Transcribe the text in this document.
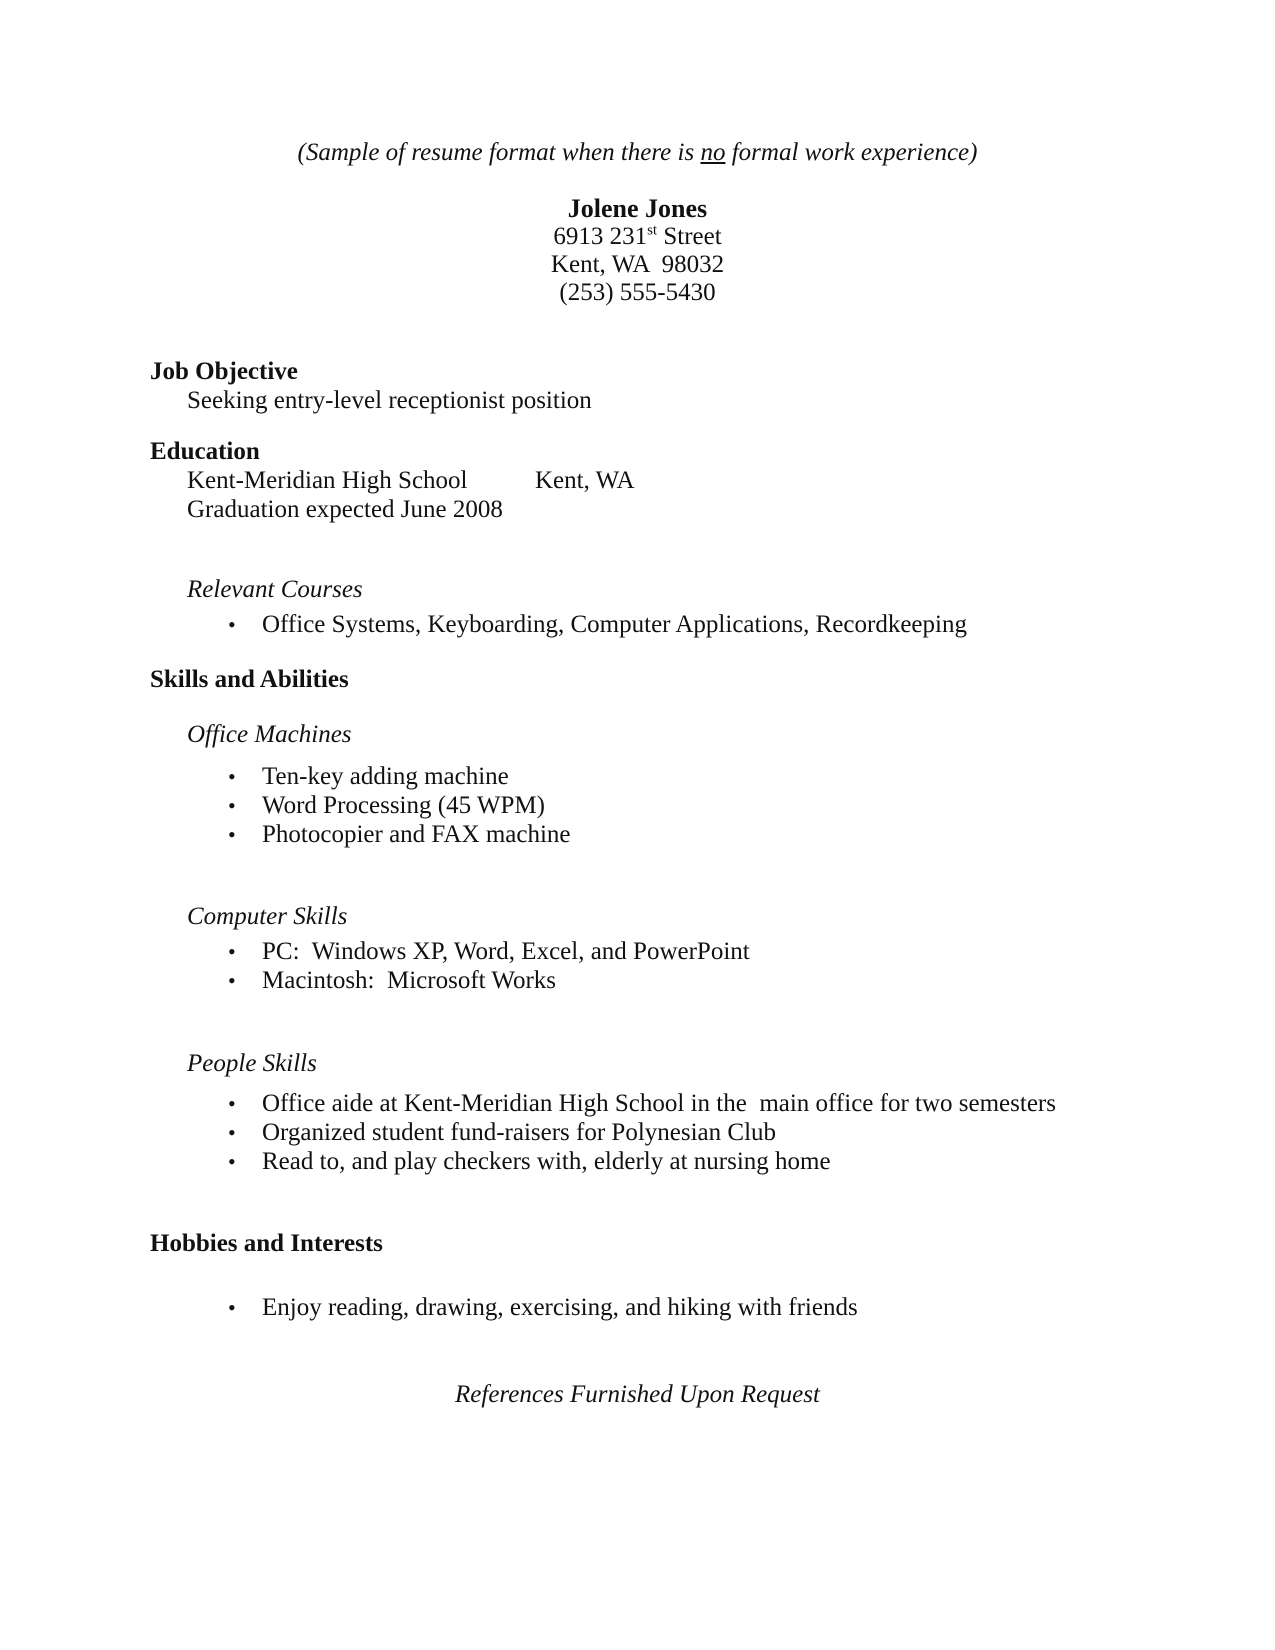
(Sample of resume format when there is no formal work experience)
Jolene Jones
6913 231st Street
Kent, WA  98032
(253) 555-5430
Job Objective
Seeking entry-level receptionist position
Education
Kent-Meridian High School	Kent, WA
Graduation expected June 2008
Relevant Courses
• Office Systems, Keyboarding, Computer Applications, Recordkeeping
Skills and Abilities
Office Machines
• Ten-key adding machine
• Word Processing (45 WPM)
• Photocopier and FAX machine
Computer Skills
• PC:  Windows XP, Word, Excel, and PowerPoint
• Macintosh:  Microsoft Works
People Skills
• Office aide at Kent-Meridian High School in the  main office for two semesters
• Organized student fund-raisers for Polynesian Club
• Read to, and play checkers with, elderly at nursing home
Hobbies and Interests
• Enjoy reading, drawing, exercising, and hiking with friends
References Furnished Upon Request
